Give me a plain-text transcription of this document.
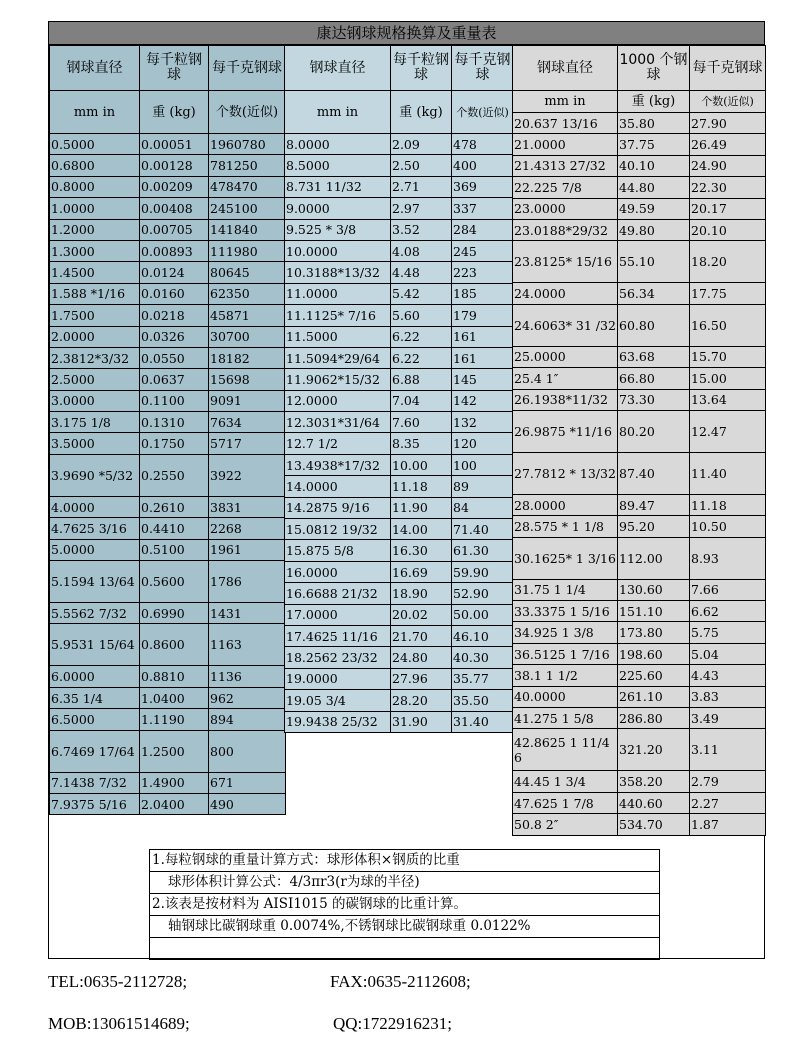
康达钢球规格换算及重量表
钢球直径	每千粒钢球	每千克钢球
mm in	重 (kg)	个数(近似)
0.5000	0.00051	1960780
0.6800	0.00128	781250
0.8000	0.00209	478470
1.0000	0.00408	245100
1.2000	0.00705	141840
1.3000	0.00893	111980
1.4500	0.0124	80645
1.588 *1/16	0.0160	62350
1.7500	0.0218	45871
2.0000	0.0326	30700
2.3812*3/32	0.0550	18182
2.5000	0.0637	15698
3.0000	0.1100	9091
3.175 1/8	0.1310	7634
3.5000	0.1750	5717
3.9690 *5/32	0.2550	3922
4.0000	0.2610	3831
4.7625 3/16	0.4410	2268
5.0000	0.5100	1961
5.1594 13/64	0.5600	1786
5.5562 7/32	0.6990	1431
5.9531 15/64	0.8600	1163
6.0000	0.8810	1136
6.35 1/4	1.0400	962
6.5000	1.1190	894
6.7469 17/64	1.2500	800
7.1438 7/32	1.4900	671
7.9375 5/16	2.0400	490
钢球直径	每千粒钢球	每千克钢球
mm in	重 (kg)	个数(近似)
8.0000	2.09	478
8.5000	2.50	400
8.731 11/32	2.71	369
9.0000	2.97	337
9.525 * 3/8	3.52	284
10.0000	4.08	245
10.3188*13/32	4.48	223
11.0000	5.42	185
11.1125* 7/16	5.60	179
11.5000	6.22	161
11.5094*29/64	6.22	161
11.9062*15/32	6.88	145
12.0000	7.04	142
12.3031*31/64	7.60	132
12.7 1/2	8.35	120
13.4938*17/32	10.00	100
14.0000	11.18	89
14.2875 9/16	11.90	84
15.0812 19/32	14.00	71.40
15.875 5/8	16.30	61.30
16.0000	16.69	59.90
16.6688 21/32	18.90	52.90
17.0000	20.02	50.00
17.4625 11/16	21.70	46.10
18.2562 23/32	24.80	40.30
19.0000	27.96	35.77
19.05 3/4	28.20	35.50
19.9438 25/32	31.90	31.40
钢球直径	1000 个钢球	每千克钢球
mm in	重 (kg)	个数(近似)
20.637 13/16	35.80	27.90
21.0000	37.75	26.49
21.4313 27/32	40.10	24.90
22.225 7/8	44.80	22.30
23.0000	49.59	20.17
23.0188*29/32	49.80	20.10
23.8125* 15/16	55.10	18.20
24.0000	56.34	17.75
24.6063* 31 /32	60.80	16.50
25.0000	63.68	15.70
25.4 1″	66.80	15.00
26.1938*11/32	73.30	13.64
26.9875 *11/16	80.20	12.47
27.7812 * 13/32	87.40	11.40
28.0000	89.47	11.18
28.575 * 1 1/8	95.20	10.50
30.1625* 1 3/16	112.00	8.93
31.75 1 1/4	130.60	7.66
33.3375 1 5/16	151.10	6.62
34.925 1 3/8	173.80	5.75
36.5125 1 7/16	198.60	5.04
38.1 1 1/2	225.60	4.43
40.0000	261.10	3.83
41.275 1 5/8	286.80	3.49
42.8625 1 11/46	321.20	3.11
44.45 1 3/4	358.20	2.79
47.625 1 7/8	440.60	2.27
50.8 2″	534.70	1.87
1.每粒钢球的重量计算方式：球形体积×钢质的比重
球形体积计算公式：4/3πr3(r为球的半径)
2.该表是按材料为 AISI1015 的碳钢球的比重计算。
轴钢球比碳钢球重 0.0074%,不锈钢球比碳钢球重 0.0122%
TEL:0635-2112728;	FAX:0635-2112608;
MOB:13061514689;	QQ:1722916231;
